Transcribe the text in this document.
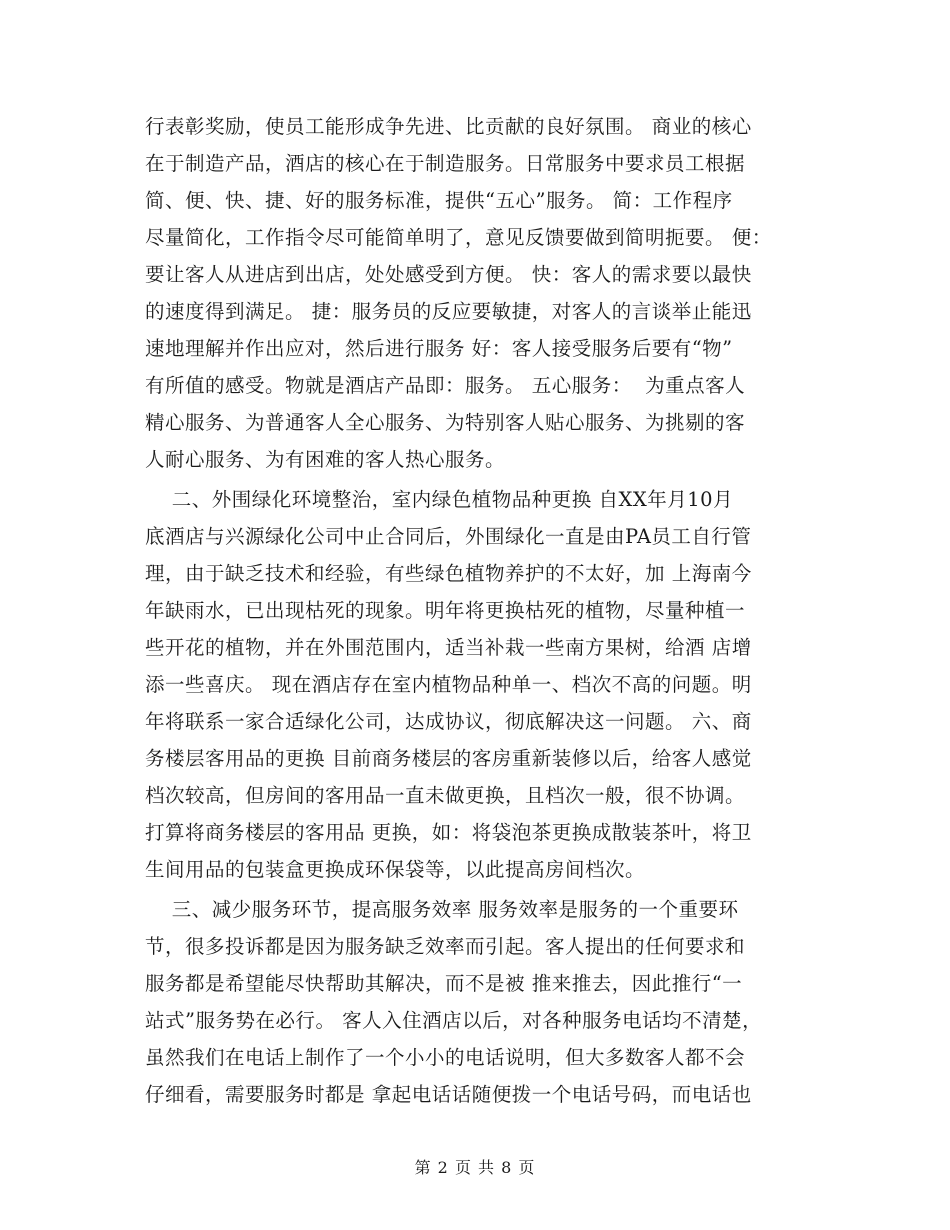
行表彰奖励，使员工能形成争先进、比贡献的良好氛围。 商业的核心
在于制造产品，酒店的核心在于制造服务。日常服务中要求员工根据
简、便、快、捷、好的服务标准，提供“五心”服务。 简：工作程序
尽量简化，工作指令尽可能简单明了，意见反馈要做到简明扼要。 便：
要让客人从进店到出店，处处感受到方便。 快：客人的需求要以最快
的速度得到满足。 捷：服务员的反应要敏捷，对客人的言谈举止能迅
速地理解并作出应对，然后进行服务 好：客人接受服务后要有“物”
有所值的感受。物就是酒店产品即：服务。 五心服务：  为重点客人
精心服务、为普通客人全心服务、为特别客人贴心服务、为挑剔的客
人耐心服务、为有困难的客人热心服务。
二、外围绿化环境整治，室内绿色植物品种更换 自XX年月10月
底酒店与兴源绿化公司中止合同后，外围绿化一直是由PA员工自行管
理，由于缺乏技术和经验，有些绿色植物养护的不太好，加 上海南今
年缺雨水，已出现枯死的现象。明年将更换枯死的植物，尽量种植一
些开花的植物，并在外围范围内，适当补栽一些南方果树，给酒 店增
添一些喜庆。 现在酒店存在室内植物品种单一、档次不高的问题。明
年将联系一家合适绿化公司，达成协议，彻底解决这一问题。 六、商
务楼层客用品的更换 目前商务楼层的客房重新装修以后，给客人感觉
档次较高，但房间的客用品一直未做更换，且档次一般，很不协调。
打算将商务楼层的客用品 更换，如：将袋泡茶更换成散装茶叶，将卫
生间用品的包装盒更换成环保袋等，以此提高房间档次。
三、减少服务环节，提高服务效率 服务效率是服务的一个重要环
节，很多投诉都是因为服务缺乏效率而引起。客人提出的任何要求和
服务都是希望能尽快帮助其解决，而不是被 推来推去，因此推行“一
站式”服务势在必行。 客人入住酒店以后，对各种服务电话均不清楚，
虽然我们在电话上制作了一个小小的电话说明，但大多数客人都不会
仔细看，需要服务时都是 拿起电话话随便拨一个电话号码，而电话也
第 2 页 共 8 页
